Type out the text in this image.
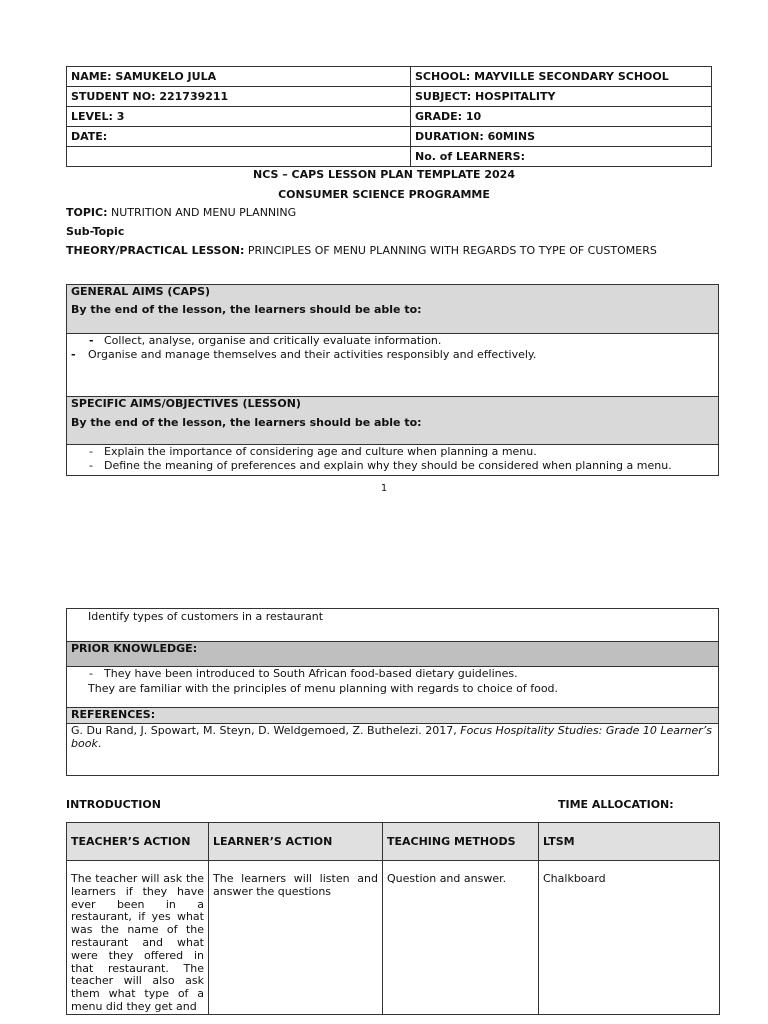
NAME: SAMUKELO JULA	SCHOOL: MAYVILLE SECONDARY SCHOOL
STUDENT NO: 221739211	SUBJECT: HOSPITALITY
LEVEL: 3	GRADE: 10
DATE:	DURATION: 60MINS
	No. of LEARNERS:
NCS – CAPS LESSON PLAN TEMPLATE 2024
CONSUMER SCIENCE PROGRAMME
TOPIC: NUTRITION AND MENU PLANNING
Sub-Topic
THEORY/PRACTICAL LESSON: PRINCIPLES OF MENU PLANNING WITH REGARDS TO TYPE OF CUSTOMERS
GENERAL AIMS (CAPS)
By the end of the lesson, the learners should be able to:
- Collect, analyse, organise and critically evaluate information.
- Organise and manage themselves and their activities responsibly and effectively.
SPECIFIC AIMS/OBJECTIVES (LESSON)
By the end of the lesson, the learners should be able to:
- Explain the importance of considering age and culture when planning a menu.
- Define the meaning of preferences and explain why they should be considered when planning a menu.
1
Identify types of customers in a restaurant
PRIOR KNOWLEDGE:
- They have been introduced to South African food-based dietary guidelines.
They are familiar with the principles of menu planning with regards to choice of food.
REFERENCES:
G. Du Rand, J. Spowart, M. Steyn, D. Weldgemoed, Z. Buthelezi. 2017, Focus Hospitality Studies: Grade 10 Learner’s book.
INTRODUCTION	TIME ALLOCATION:
TEACHER’S ACTION	LEARNER’S ACTION	TEACHING METHODS	LTSM
The teacher will ask the learners if they have ever been in a restaurant, if yes what was the name of the restaurant and what were they offered in that restaurant. The teacher will also ask them what type of a menu did they get and	The learners will listen and answer the questions	Question and answer.	Chalkboard
